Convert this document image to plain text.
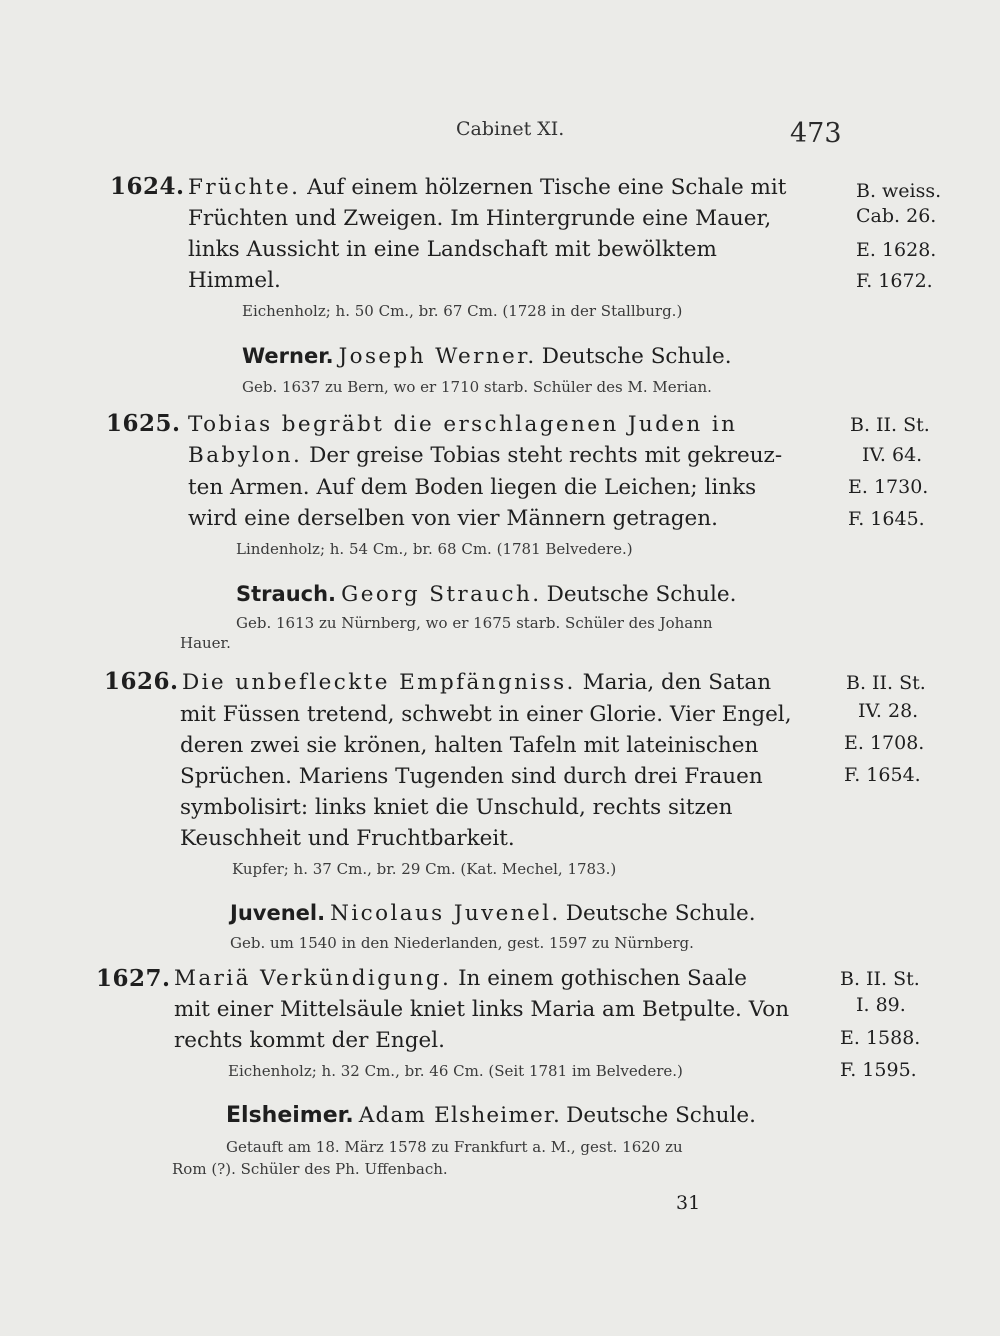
Cabinet XI.	473
1624. Früchte. Auf einem hölzernen Tische eine Schale mit
Früchten und Zweigen. Im Hintergrunde eine Mauer,
links Aussicht in eine Landschaft mit bewölktem
Himmel.
Eichenholz; h. 50 Cm., br. 67 Cm. (1728 in der Stallburg.)
B. weiss.
Cab. 26.
E. 1628.
F. 1672.
Werner. Joseph Werner. Deutsche Schule.
Geb. 1637 zu Bern, wo er 1710 starb. Schüler des M. Merian.
1625. Tobias begräbt die erschlagenen Juden in
Babylon. Der greise Tobias steht rechts mit gekreuz-
ten Armen. Auf dem Boden liegen die Leichen; links
wird eine derselben von vier Männern getragen.
Lindenholz; h. 54 Cm., br. 68 Cm. (1781 Belvedere.)
B. II. St.
IV. 64.
E. 1730.
F. 1645.
Strauch. Georg Strauch. Deutsche Schule.
Geb. 1613 zu Nürnberg, wo er 1675 starb. Schüler des Johann
Hauer.
1626. Die unbefleckte Empfängniss. Maria, den Satan
mit Füssen tretend, schwebt in einer Glorie. Vier Engel,
deren zwei sie krönen, halten Tafeln mit lateinischen
Sprüchen. Mariens Tugenden sind durch drei Frauen
symbolisirt: links kniet die Unschuld, rechts sitzen
Keuschheit und Fruchtbarkeit.
Kupfer; h. 37 Cm., br. 29 Cm. (Kat. Mechel, 1783.)
B. II. St.
IV. 28.
E. 1708.
F. 1654.
Juvenel. Nicolaus Juvenel. Deutsche Schule.
Geb. um 1540 in den Niederlanden, gest. 1597 zu Nürnberg.
1627. Mariä Verkündigung. In einem gothischen Saale
mit einer Mittelsäule kniet links Maria am Betpulte. Von
rechts kommt der Engel.
Eichenholz; h. 32 Cm., br. 46 Cm. (Seit 1781 im Belvedere.)
B. II. St.
I. 89.
E. 1588.
F. 1595.
Elsheimer. Adam Elsheimer. Deutsche Schule.
Getauft am 18. März 1578 zu Frankfurt a. M., gest. 1620 zu
Rom (?). Schüler des Ph. Uffenbach.
31
